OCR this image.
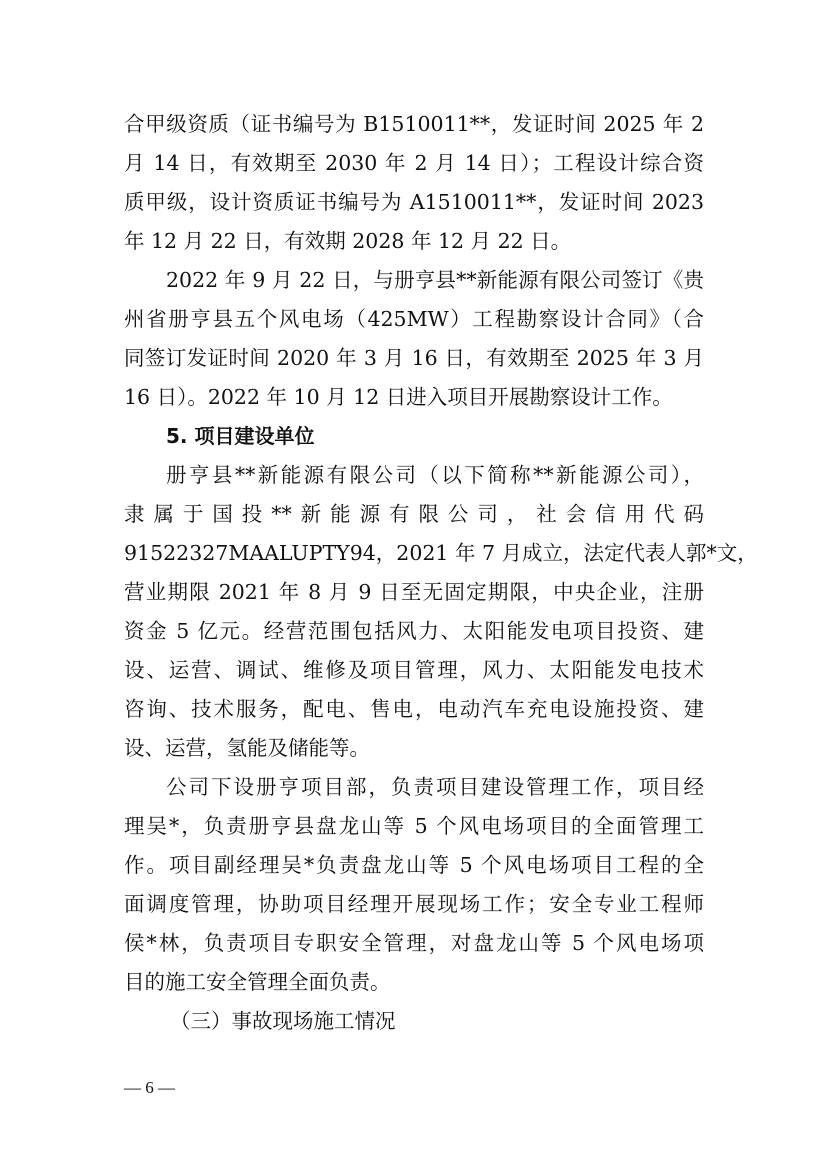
合甲级资质（证书编号为 B1510011**，发证时间 2025 年 2
月 14 日，有效期至 2030 年 2 月 14 日）；工程设计综合资
质甲级，设计资质证书编号为 A1510011**，发证时间 2023
年 12 月 22 日，有效期 2028 年 12 月 22 日。
2022 年 9 月 22 日，与册亨县**新能源有限公司签订《贵
州省册亨县五个风电场（425MW）工程勘察设计合同》（合
同签订发证时间 2020 年 3 月 16 日，有效期至 2025 年 3 月
16 日）。2022 年 10 月 12 日进入项目开展勘察设计工作。
5. 项目建设单位
册亨县**新能源有限公司（以下简称**新能源公司），
隶属于国投**新能源有限公司，社会信用代码
91522327MAALUPTY94，2021 年 7 月成立，法定代表人郭*文，
营业期限 2021 年 8 月 9 日至无固定期限，中央企业，注册
资金 5 亿元。经营范围包括风力、太阳能发电项目投资、建
设、运营、调试、维修及项目管理，风力、太阳能发电技术
咨询、技术服务，配电、售电，电动汽车充电设施投资、建
设、运营，氢能及储能等。
公司下设册亨项目部，负责项目建设管理工作，项目经
理吴*，负责册亨县盘龙山等 5 个风电场项目的全面管理工
作。项目副经理吴*负责盘龙山等 5 个风电场项目工程的全
面调度管理，协助项目经理开展现场工作；安全专业工程师
侯*林，负责项目专职安全管理，对盘龙山等 5 个风电场项
目的施工安全管理全面负责。
（三）事故现场施工情况
— 6 —
